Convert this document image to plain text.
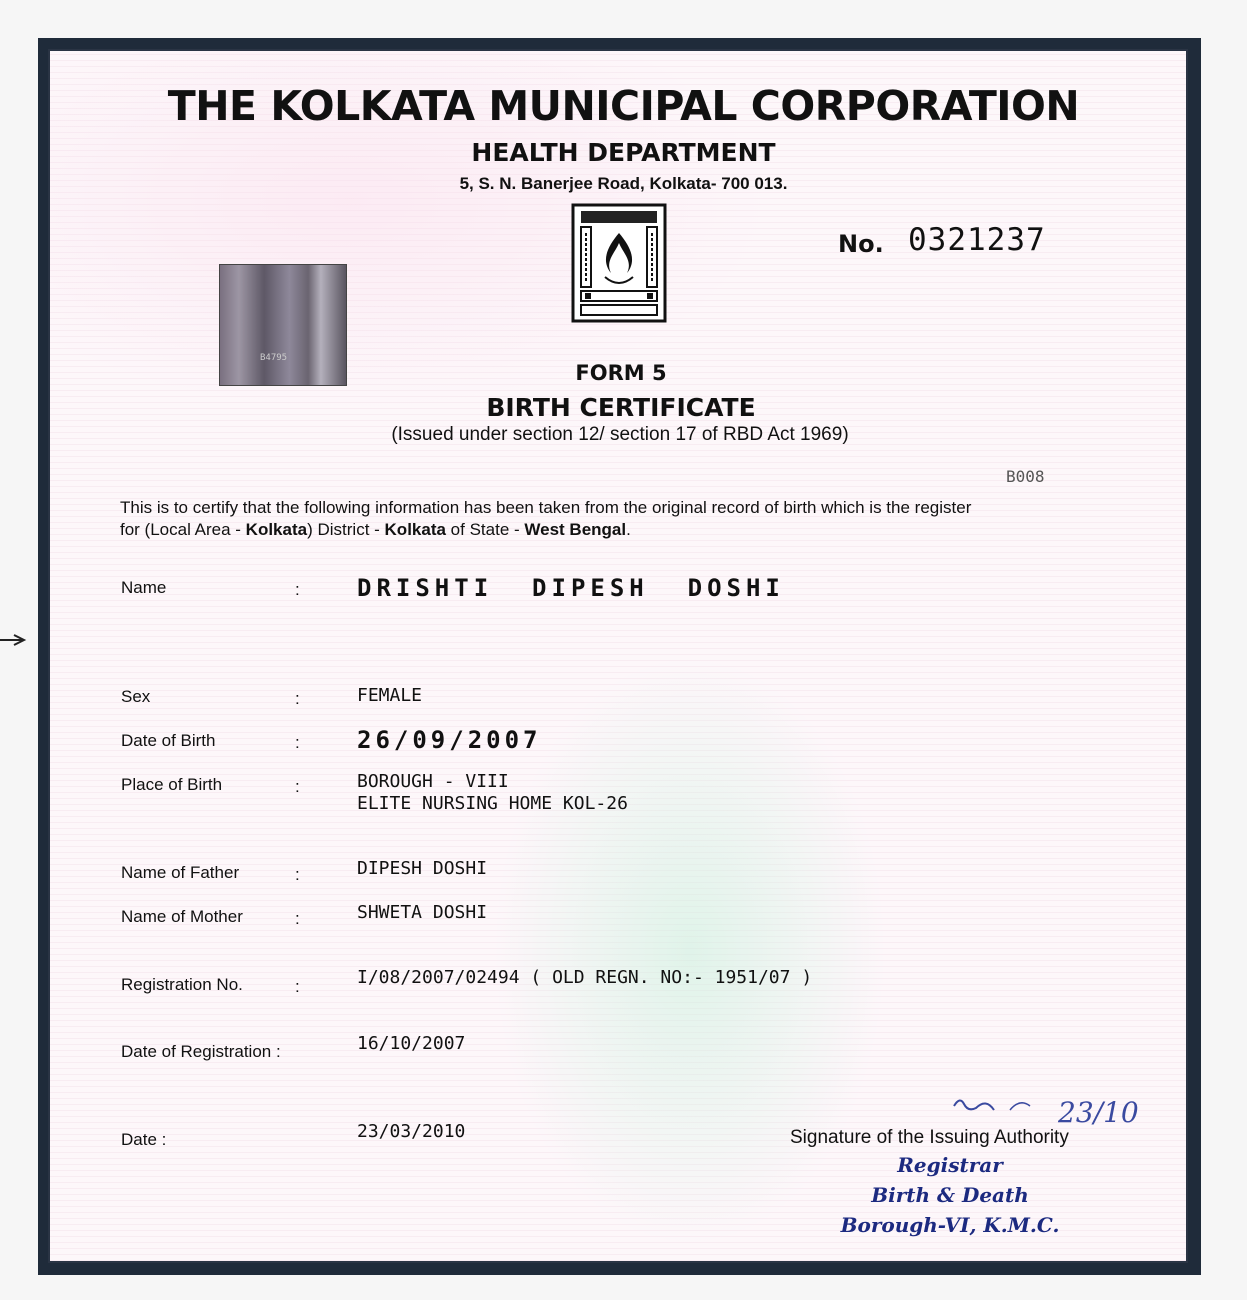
THE KOLKATA MUNICIPAL CORPORATION
HEALTH DEPARTMENT
5, S. N. Banerjee Road, Kolkata- 700 013.
B4795
No. 0321237
FORM 5
BIRTH CERTIFICATE
(Issued under section 12/ section 17 of RBD Act 1969)
B008
This is to certify that the following information has been taken from the original record of birth which is the register
for (Local Area - Kolkata) District - Kolkata of State - West Bengal.
Name	: DRISHTI  DIPESH  DOSHI
Sex	:	FEMALE
Date of Birth	: 26/09/2007
Place of Birth	:	BOROUGH - VIII
ELITE NURSING HOME KOL-26
Name of Father	:	DIPESH DOSHI
Name of Mother	:	SHWETA DOSHI
Registration No.	:	I/08/2007/02494 ( OLD REGN. NO:- 1951/07 )
Date of Registration :	16/10/2007
Date :	23/03/2010
23/10
Signature of the Issuing Authority
Registrar
Birth & Death
Borough-VI, K.M.C.
